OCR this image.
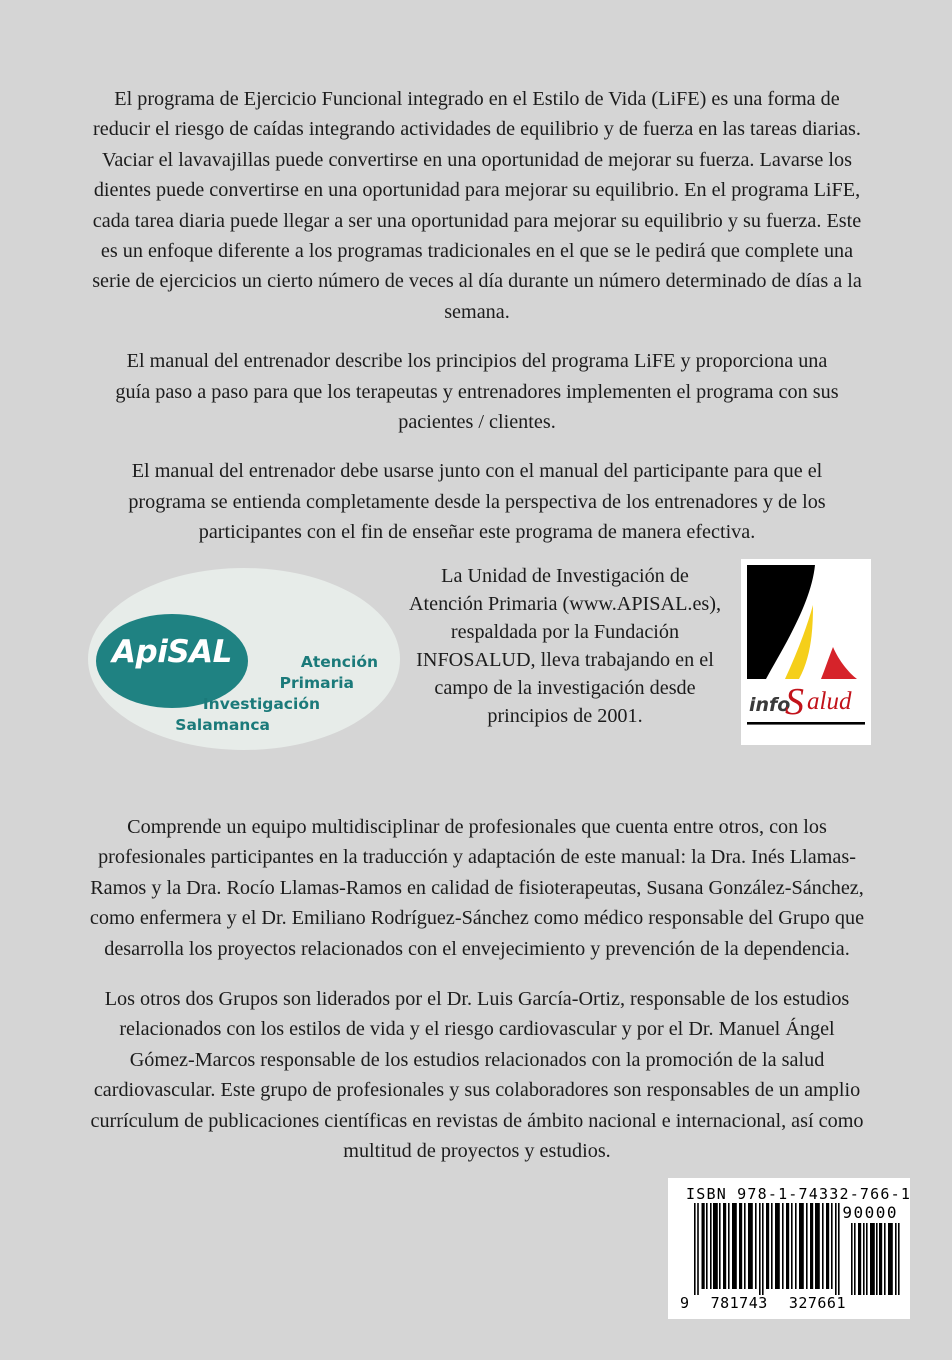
El programa de Ejercicio Funcional integrado en el Estilo de Vida (LiFE) es una forma de reducir el riesgo de caídas integrando actividades de equilibrio y de fuerza en las tareas diarias. Vaciar el lavavajillas puede convertirse en una oportunidad de mejorar su fuerza. Lavarse los dientes puede convertirse en una oportunidad para mejorar su equilibrio. En el programa LiFE, cada tarea diaria puede llegar a ser una oportunidad para mejorar su equilibrio y su fuerza. Este es un enfoque diferente a los programas tradicionales en el que se le pedirá que complete una serie de ejercicios un cierto número de veces al día durante un número determinado de días a la semana.

El manual del entrenador describe los principios del programa LiFE y proporciona una guía paso a paso para que los terapeutas y entrenadores implementen el programa con sus pacientes / clientes.

El manual del entrenador debe usarse junto con el manual del participante para que el programa se entienda completamente desde la perspectiva de los entrenadores y de los participantes con el fin de enseñar este programa de manera efectiva.

ApiSAL	Atención
Primaria
Investigación
Salamanca
La Unidad de Investigación de Atención Primaria (www.APISAL.es), respaldada por la Fundación INFOSALUD, lleva trabajando en el campo de la investigación desde principios de 2001.	info
S alud

Comprende un equipo multidisciplinar de profesionales que cuenta entre otros, con los profesionales participantes en la traducción y adaptación de este manual: la Dra. Inés Llamas-Ramos y la Dra. Rocío Llamas-Ramos en calidad de fisioterapeutas, Susana González-Sánchez, como enfermera y el Dr. Emiliano Rodríguez-Sánchez como médico responsable del Grupo que desarrolla los proyectos relacionados con el envejecimiento y prevención de la dependencia.

Los otros dos Grupos son liderados por el Dr. Luis García-Ortiz, responsable de los estudios relacionados con los estilos de vida y el riesgo cardiovascular y por el Dr. Manuel Ángel Gómez-Marcos responsable de los estudios relacionados con la promoción de la salud cardiovascular. Este grupo de profesionales y sus colaboradores son responsables de un amplio currículum de publicaciones científicas en revistas de ámbito nacional e internacional, así como multitud de proyectos y estudios.

ISBN 978-1-74332-766-1
90000
9 781743 327661
